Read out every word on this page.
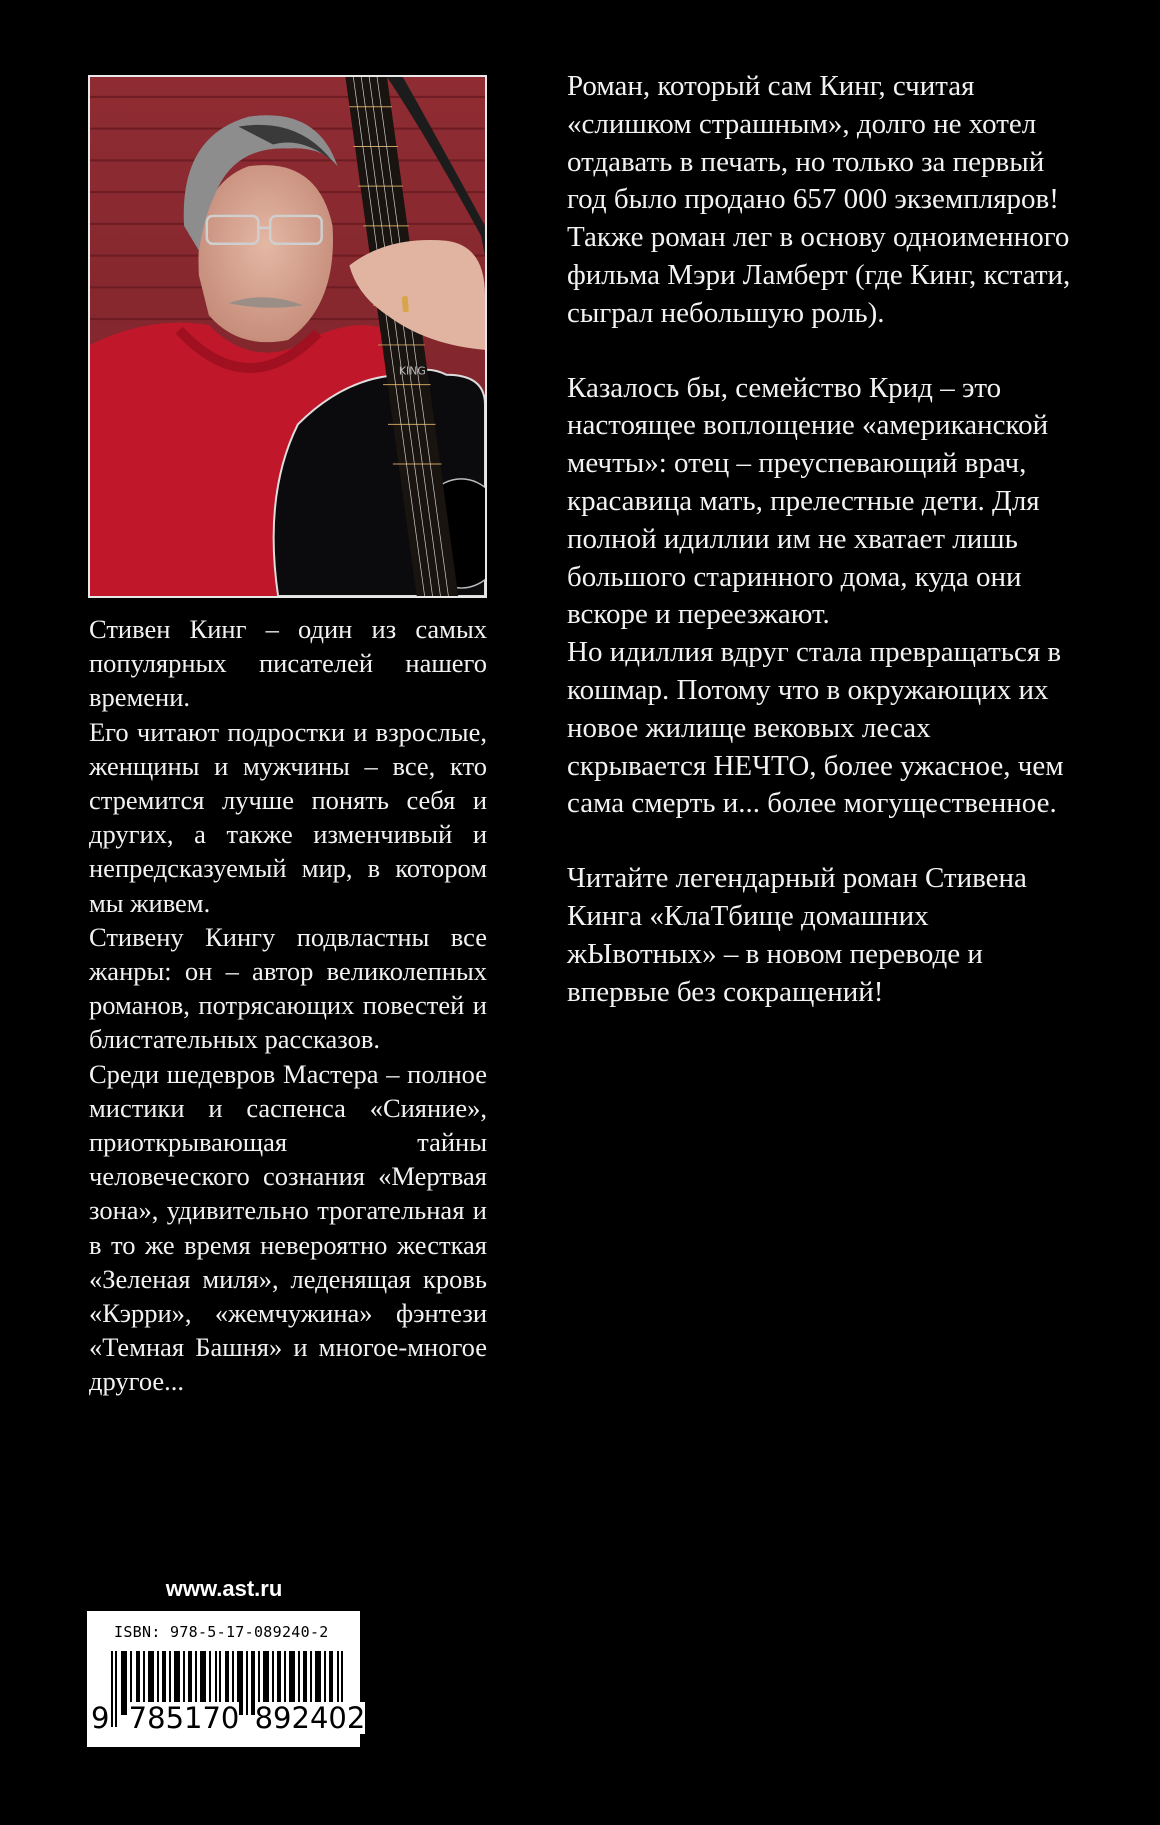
KING

Стивен Кинг – один из самых популярных писателей нашего времени.

Его читают подростки и взрослые, женщины и мужчины – все, кто стремится лучше понять себя и других, а также изменчивый и непредсказуемый мир, в котором мы живем.

Стивену Кингу подвластны все жанры: он – автор великолепных романов, потрясающих повестей и блистательных рассказов.

Среди шедевров Мастера – полное мистики и саспенса «Сияние», приоткрывающая тайны человеческого сознания «Мертвая зона», удивительно трогательная и в то же время невероятно жесткая «Зеленая миля», леденящая кровь «Кэрри», «жемчужина» фэнтези «Темная Башня» и многое-многое другое...

Роман, который сам Кинг, считая «слишком страшным», долго не хотел отдавать в печать, но только за первый год было продано 657 000 экземпляров! Также роман лег в основу одноименного фильма Мэри Ламберт (где Кинг, кстати, сыграл небольшую роль).

Казалось бы, семейство Крид – это настоящее воплощение «американской мечты»: отец – преуспевающий врач, красавица мать, прелестные дети. Для полной идиллии им не хватает лишь большого старинного дома, куда они вскоре и переезжают.

Но идиллия вдруг стала превращаться в кошмар. Потому что в окружающих их новое жилище вековых лесах скрывается НЕЧТО, более ужасное, чем сама смерть и... более могущественное.

Читайте легендарный роман Стивена Кинга «КлаТбище домашних жЫвотных» – в новом переводе и впервые без сокращений!

www.ast.ru
ISBN: 978-5-17-089240-2
9 785170 892402
